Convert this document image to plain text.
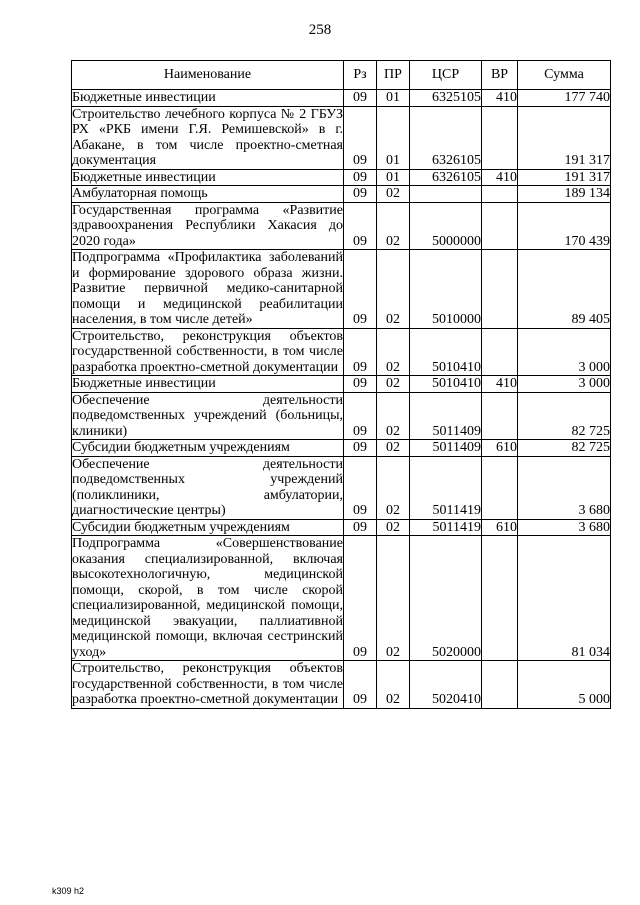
258
Наименование	Рз	ПР	ЦСР	ВР	Сумма
Бюджетные инвестиции	09	01	6325105	410	177 740
Строительство лечебного корпуса № 2 ГБУЗ РХ «РКБ имени Г.Я. Ремишевской» в г. Абакане, в том числе проектно-сметная документация	09	01	6326105		191 317
Бюджетные инвестиции	09	01	6326105	410	191 317
Амбулаторная помощь	09	02			189 134
Государственная программа «Развитие здравоохранения Республики Хакасия до 2020 года»	09	02	5000000		170 439
Подпрограмма «Профилактика заболеваний и формирование здорового образа жизни. Развитие первичной медико-санитарной помощи и медицинской реабилитации населения, в том числе детей»	09	02	5010000		89 405
Строительство, реконструкция объектов государственной собственности, в том числе разработка проектно-сметной документации	09	02	5010410		3 000
Бюджетные инвестиции	09	02	5010410	410	3 000
Обеспечение деятельности подведомственных учреждений (больницы, клиники)	09	02	5011409		82 725
Субсидии бюджетным учреждениям	09	02	5011409	610	82 725
Обеспечение деятельности подведомственных учреждений (поликлиники, амбулатории, диагностические центры)	09	02	5011419		3 680
Субсидии бюджетным учреждениям	09	02	5011419	610	3 680
Подпрограмма «Совершенствование оказания специализированной, включая высокотехнологичную, медицинской помощи, скорой, в том числе скорой специализированной, медицинской помощи, медицинской эвакуации, паллиативной медицинской помощи, включая сестринский уход»	09	02	5020000		81 034
Строительство, реконструкция объектов государственной собственности, в том числе разработка проектно-сметной документации	09	02	5020410		5 000
k309 h2
